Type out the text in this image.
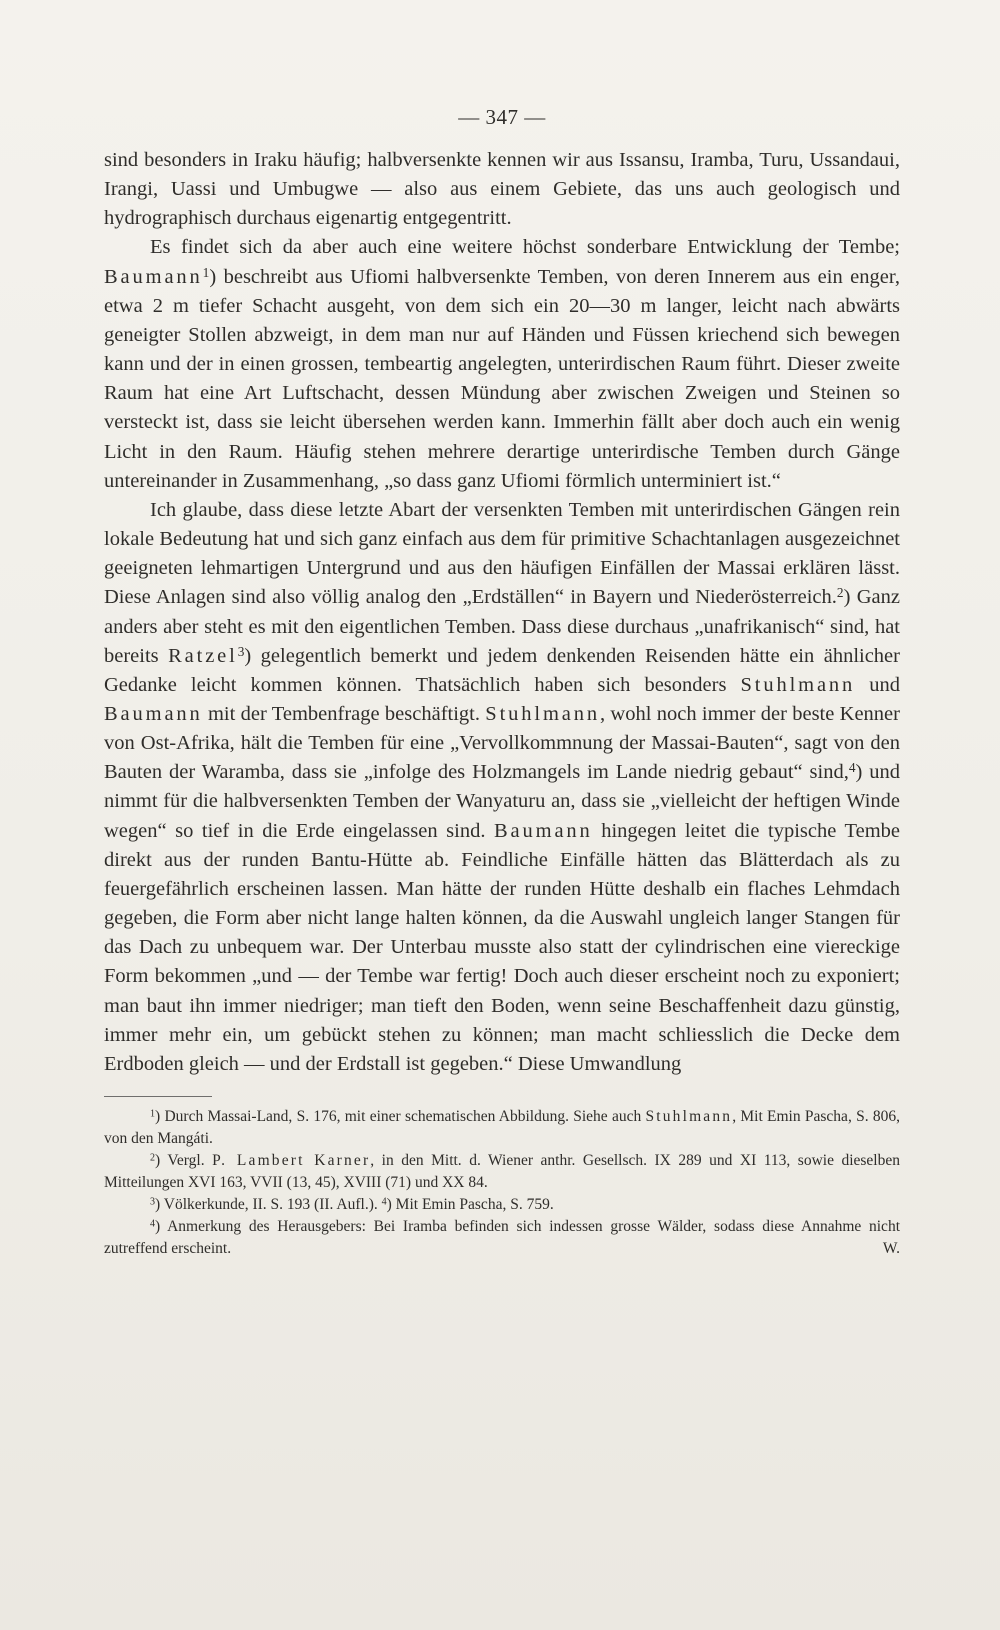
— 347 —

sind besonders in Iraku häufig; halbversenkte kennen wir aus Issansu, Iramba, Turu, Ussandaui, Irangi, Uassi und Umbugwe — also aus einem Gebiete, das uns auch geologisch und hydrographisch durchaus eigenartig entgegentritt.

Es findet sich da aber auch eine weitere höchst sonderbare Entwicklung der Tembe; Baumann$^1$) beschreibt aus Ufiomi halbversenkte Temben, von deren Innerem aus ein enger, etwa 2 m tiefer Schacht ausgeht, von dem sich ein 20—30 m langer, leicht nach abwärts geneigter Stollen abzweigt, in dem man nur auf Händen und Füssen kriechend sich bewegen kann und der in einen grossen, tembeartig angelegten, unterirdischen Raum führt. Dieser zweite Raum hat eine Art Luftschacht, dessen Mündung aber zwischen Zweigen und Steinen so versteckt ist, dass sie leicht übersehen werden kann. Immerhin fällt aber doch auch ein wenig Licht in den Raum. Häufig stehen mehrere derartige unterirdische Temben durch Gänge untereinander in Zusammenhang, „so dass ganz Ufiomi förmlich unterminiert ist.“

Ich glaube, dass diese letzte Abart der versenkten Temben mit unterirdischen Gängen rein lokale Bedeutung hat und sich ganz einfach aus dem für primitive Schachtanlagen ausgezeichnet geeigneten lehmartigen Untergrund und aus den häufigen Einfällen der Massai erklären lässt. Diese Anlagen sind also völlig analog den „Erdställen“ in Bayern und Niederösterreich.$^2$) Ganz anders aber steht es mit den eigentlichen Temben. Dass diese durchaus „unafrikanisch“ sind, hat bereits Ratzel$^3$) gelegentlich bemerkt und jedem denkenden Reisenden hätte ein ähnlicher Gedanke leicht kommen können. Thatsächlich haben sich besonders Stuhlmann und Baumann mit der Tembenfrage beschäftigt. Stuhlmann, wohl noch immer der beste Kenner von Ost-Afrika, hält die Temben für eine „Vervollkommnung der Massai-Bauten“, sagt von den Bauten der Waramba, dass sie „infolge des Holzmangels im Lande niedrig gebaut“ sind,$^4$) und nimmt für die halbversenkten Temben der Wanyaturu an, dass sie „vielleicht der heftigen Winde wegen“ so tief in die Erde eingelassen sind. Baumann hingegen leitet die typische Tembe direkt aus der runden Bantu-Hütte ab. Feindliche Einfälle hätten das Blätterdach als zu feuergefährlich erscheinen lassen. Man hätte der runden Hütte deshalb ein flaches Lehmdach gegeben, die Form aber nicht lange halten können, da die Auswahl ungleich langer Stangen für das Dach zu unbequem war. Der Unterbau musste also statt der cylindrischen eine viereckige Form bekommen „und — der Tembe war fertig! Doch auch dieser erscheint noch zu exponiert; man baut ihn immer niedriger; man tieft den Boden, wenn seine Beschaffenheit dazu günstig, immer mehr ein, um gebückt stehen zu können; man macht schliesslich die Decke dem Erdboden gleich — und der Erdstall ist gegeben.“ Diese Umwandlung

$^1$) Durch Massai-Land, S. 176, mit einer schematischen Abbildung. Siehe auch Stuhlmann, Mit Emin Pascha, S. 806, von den Mangáti.

$^2$) Vergl. P. Lambert Karner, in den Mitt. d. Wiener anthr. Gesellsch. IX 289 und XI 113, sowie dieselben Mitteilungen XVI 163, VVII (13, 45), XVIII (71) und XX 84.

$^3$) Völkerkunde, II. S. 193 (II. Aufl.). $^4$) Mit Emin Pascha, S. 759.

$^4$) Anmerkung des Herausgebers: Bei Iramba befinden sich indessen grosse Wälder, sodass diese Annahme nicht zutreffend erscheint.	W.
